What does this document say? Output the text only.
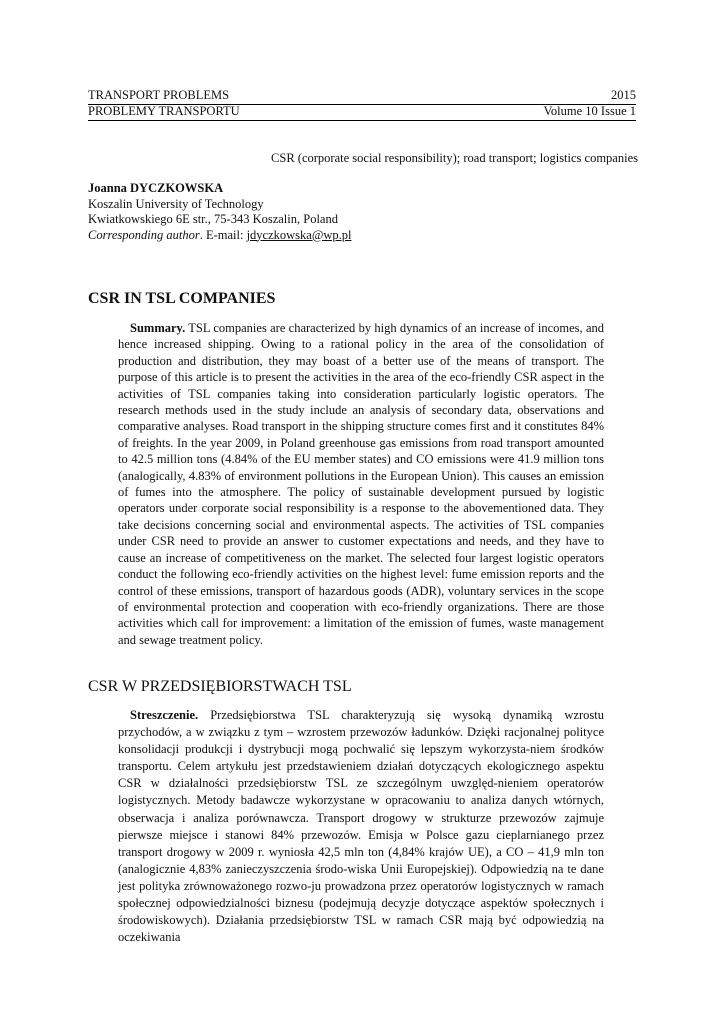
TRANSPORT PROBLEMS	2015
PROBLEMY TRANSPORTU	Volume 10 Issue 1
CSR (corporate social responsibility); road transport; logistics companies
Joanna DYCZKOWSKA
Koszalin University of Technology
Kwiatkowskiego 6E str., 75-343 Koszalin, Poland
Corresponding author. E-mail: jdyczkowska@wp.pl
CSR IN TSL COMPANIES
Summary. TSL companies are characterized by high dynamics of an increase of incomes, and hence increased shipping. Owing to a rational policy in the area of the consolidation of production and distribution, they may boast of a better use of the means of transport. The purpose of this article is to present the activities in the area of the eco-friendly CSR aspect in the activities of TSL companies taking into consideration particularly logistic operators. The research methods used in the study include an analysis of secondary data, observations and comparative analyses. Road transport in the shipping structure comes first and it constitutes 84% of freights. In the year 2009, in Poland greenhouse gas emissions from road transport amounted to 42.5 million tons (4.84% of the EU member states) and CO emissions were 41.9 million tons (analogically, 4.83% of environment pollutions in the European Union). This causes an emission of fumes into the atmosphere. The policy of sustainable development pursued by logistic operators under corporate social responsibility is a response to the abovementioned data. They take decisions concerning social and environmental aspects. The activities of TSL companies under CSR need to provide an answer to customer expectations and needs, and they have to cause an increase of competitiveness on the market. The selected four largest logistic operators conduct the following eco-friendly activities on the highest level: fume emission reports and the control of these emissions, transport of hazardous goods (ADR), voluntary services in the scope of environmental protection and cooperation with eco-friendly organizations. There are those activities which call for improvement: a limitation of the emission of fumes, waste management and sewage treatment policy.
CSR W PRZEDSIĘBIORSTWACH TSL
Streszczenie. Przedsiębiorstwa TSL charakteryzują się wysoką dynamiką wzrostu przychodów, a w związku z tym – wzrostem przewozów ładunków. Dzięki racjonalnej polityce konsolidacji produkcji i dystrybucji mogą pochwalić się lepszym wykorzysta-niem środków transportu. Celem artykułu jest przedstawieniem działań dotyczących ekologicznego aspektu CSR w działalności przedsiębiorstw TSL ze szczególnym uwzględ-nieniem operatorów logistycznych. Metody badawcze wykorzystane w opracowaniu to analiza danych wtórnych, obserwacja i analiza porównawcza. Transport drogowy w strukturze przewozów zajmuje pierwsze miejsce i stanowi 84% przewozów. Emisja w Polsce gazu cieplarnianego przez transport drogowy w 2009 r. wyniosła 42,5 mln ton (4,84% krajów UE), a CO ‒ 41,9 mln ton (analogicznie 4,83% zanieczyszczenia środo-wiska Unii Europejskiej). Odpowiedzią na te dane jest polityka zrównoważonego rozwo-ju prowadzona przez operatorów logistycznych w ramach społecznej odpowiedzialności biznesu (podejmują decyzje dotyczące aspektów społecznych i środowiskowych). Działania przedsiębiorstw TSL w ramach CSR mają być odpowiedzią na oczekiwania
